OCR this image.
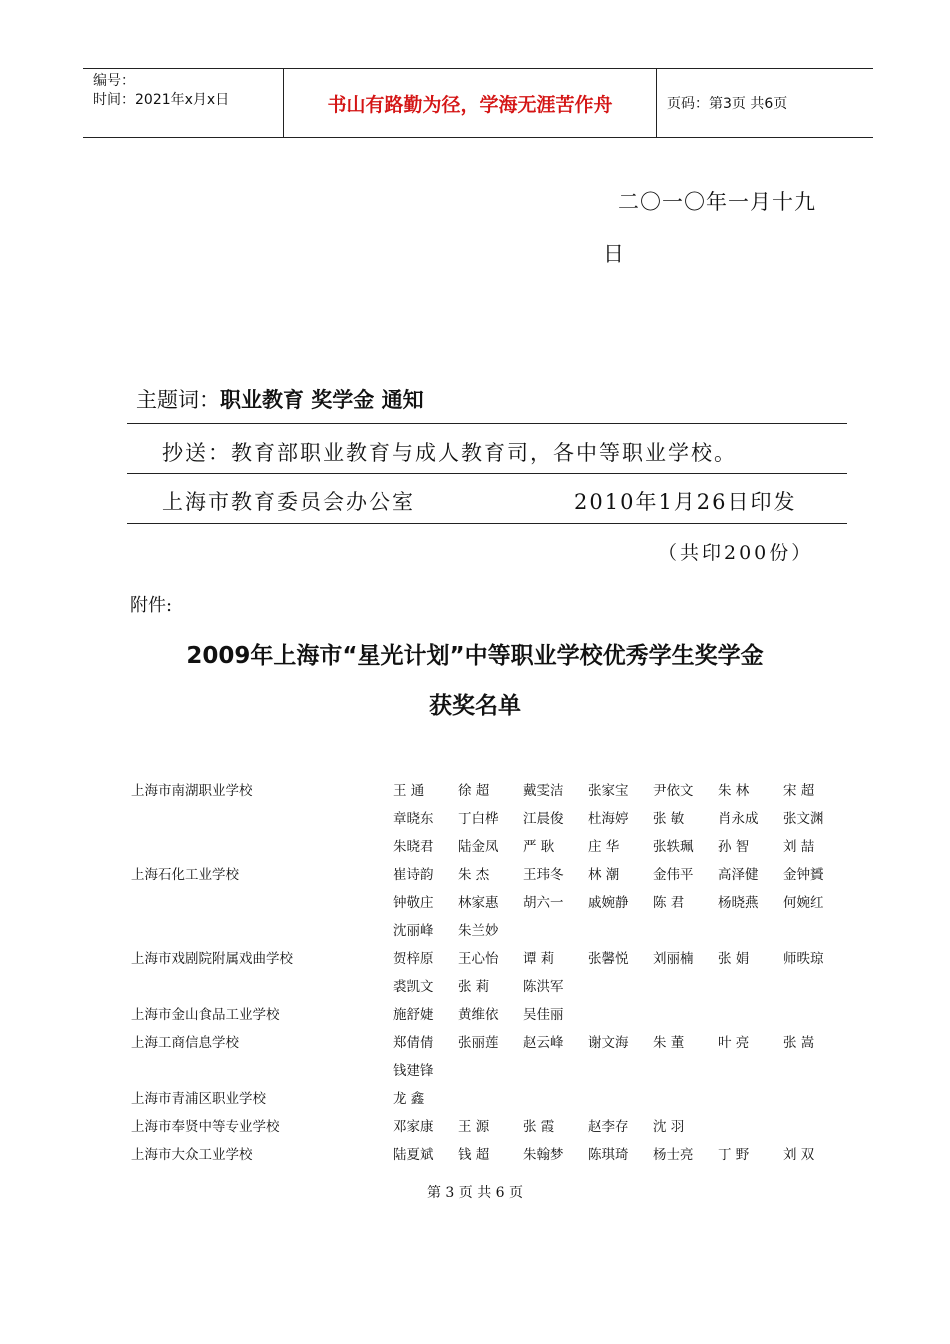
编号：
时间：2021年x月x日	书山有路勤为径，学海无涯苦作舟	页码：第3页 共6页
二〇一〇年一月十九
日
主题词：职业教育 奖学金 通知
抄送：教育部职业教育与成人教育司，各中等职业学校。
上海市教育委员会办公室	2010年1月26日印发
（共印200份）
附件:
2009年上海市“星光计划”中等职业学校优秀学生奖学金
获奖名单
上海市南湖职业学校	王 通	徐 超	戴雯洁	张家宝	尹依文	朱 林	宋 超
章晓东	丁白桦	江晨俊	杜海婷	张 敏	肖永成	张文渊
朱晓君	陆金凤	严 耿	庄 华	张轶珮	孙 智	刘 喆
上海石化工业学校	崔诗韵	朱 杰	王玮冬	林 潮	金伟平	高泽健	金钟贇
钟敬庄	林家惠	胡六一	戚婉静	陈 君	杨晓燕	何婉红
沈丽峰	朱兰妙
上海市戏剧院附属戏曲学校	贺梓原	王心怡	谭 莉	张馨悦	刘丽楠	张 娟	师昳琼
裘凯文	张 莉	陈洪军
上海市金山食品工业学校	施舒婕	黄维依	吴佳丽
上海工商信息学校	郑倩倩	张丽莲	赵云峰	谢文海	朱 董	叶 亮	张 嵩
钱建锋
上海市青浦区职业学校	龙 鑫
上海市奉贤中等专业学校	邓家康	王 源	张 霞	赵李存	沈 羽
上海市大众工业学校	陆夏斌	钱 超	朱翰梦	陈琪琦	杨士亮	丁 野	刘 双
第 3 页 共 6 页
